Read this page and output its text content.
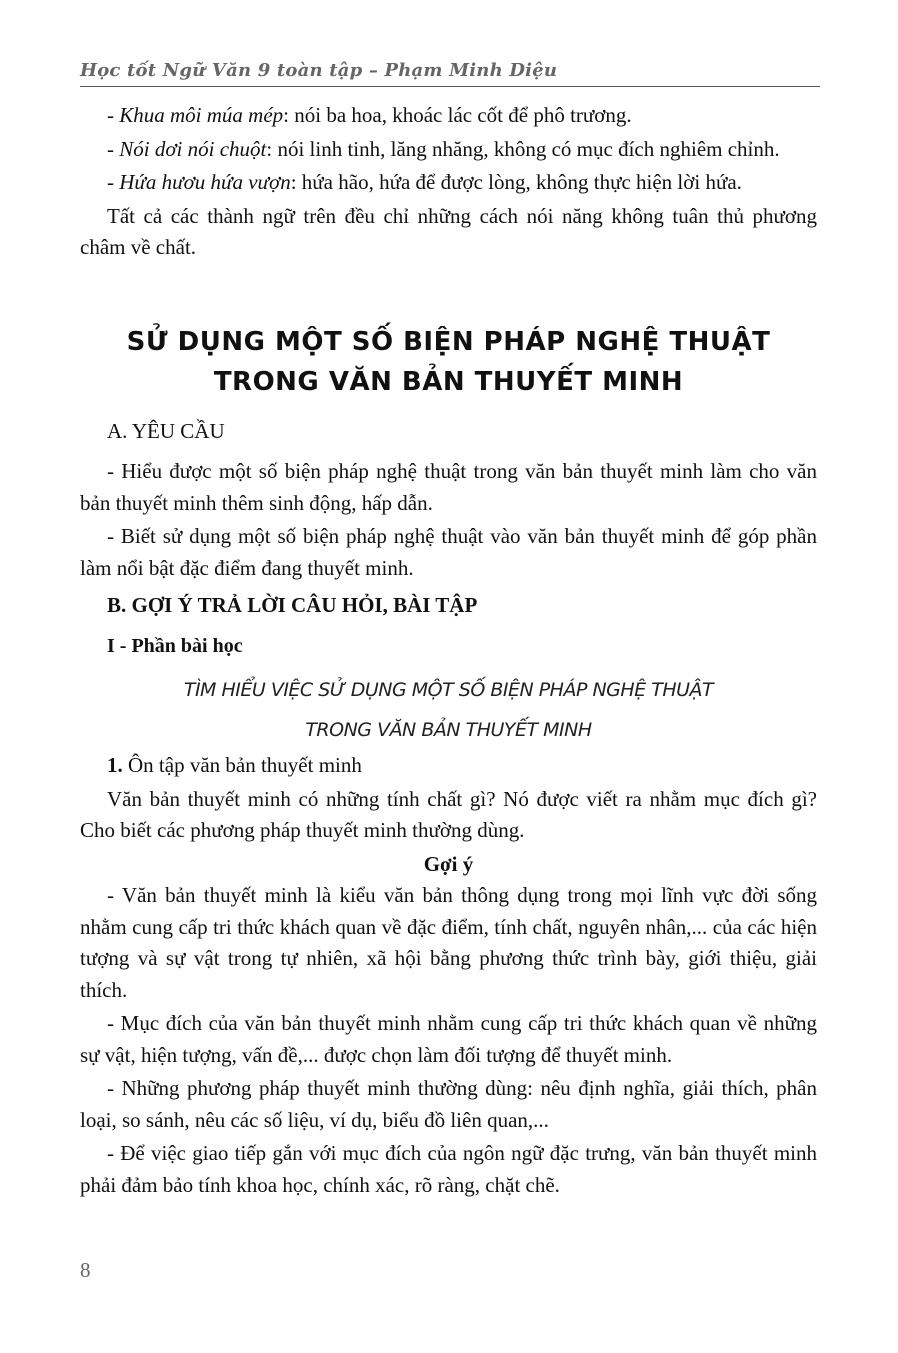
Học tốt Ngữ Văn 9 toàn tập – Phạm Minh Diệu

- Khua môi múa mép: nói ba hoa, khoác lác cốt để phô trương.

- Nói dơi nói chuột: nói linh tinh, lăng nhăng, không có mục đích nghiêm chỉnh.

- Hứa hươu hứa vượn: hứa hão, hứa để được lòng, không thực hiện lời hứa.

Tất cả các thành ngữ trên đều chỉ những cách nói năng không tuân thủ phương châm về chất.

SỬ DỤNG MỘT SỐ BIỆN PHÁP NGHỆ THUẬT
TRONG VĂN BẢN THUYẾT MINH
A. YÊU CẦU

- Hiểu được một số biện pháp nghệ thuật trong văn bản thuyết minh làm cho văn bản thuyết minh thêm sinh động, hấp dẫn.

- Biết sử dụng một số biện pháp nghệ thuật vào văn bản thuyết minh để góp phần làm nổi bật đặc điểm đang thuyết minh.

B. GỢI Ý TRẢ LỜI CÂU HỎI, BÀI TẬP
I - Phần bài học
TÌM HIỂU VIỆC SỬ DỤNG MỘT SỐ BIỆN PHÁP NGHỆ THUẬT
TRONG VĂN BẢN THUYẾT MINH

1. Ôn tập văn bản thuyết minh

Văn bản thuyết minh có những tính chất gì? Nó được viết ra nhằm mục đích gì? Cho biết các phương pháp thuyết minh thường dùng.

Gợi ý

- Văn bản thuyết minh là kiểu văn bản thông dụng trong mọi lĩnh vực đời sống nhằm cung cấp tri thức khách quan về đặc điểm, tính chất, nguyên nhân,... của các hiện tượng và sự vật trong tự nhiên, xã hội bằng phương thức trình bày, giới thiệu, giải thích.

- Mục đích của văn bản thuyết minh nhằm cung cấp tri thức khách quan về những sự vật, hiện tượng, vấn đề,... được chọn làm đối tượng để thuyết minh.

- Những phương pháp thuyết minh thường dùng: nêu định nghĩa, giải thích, phân loại, so sánh, nêu các số liệu, ví dụ, biểu đồ liên quan,...

- Để việc giao tiếp gắn với mục đích của ngôn ngữ đặc trưng, văn bản thuyết minh phải đảm bảo tính khoa học, chính xác, rõ ràng, chặt chẽ.

8
